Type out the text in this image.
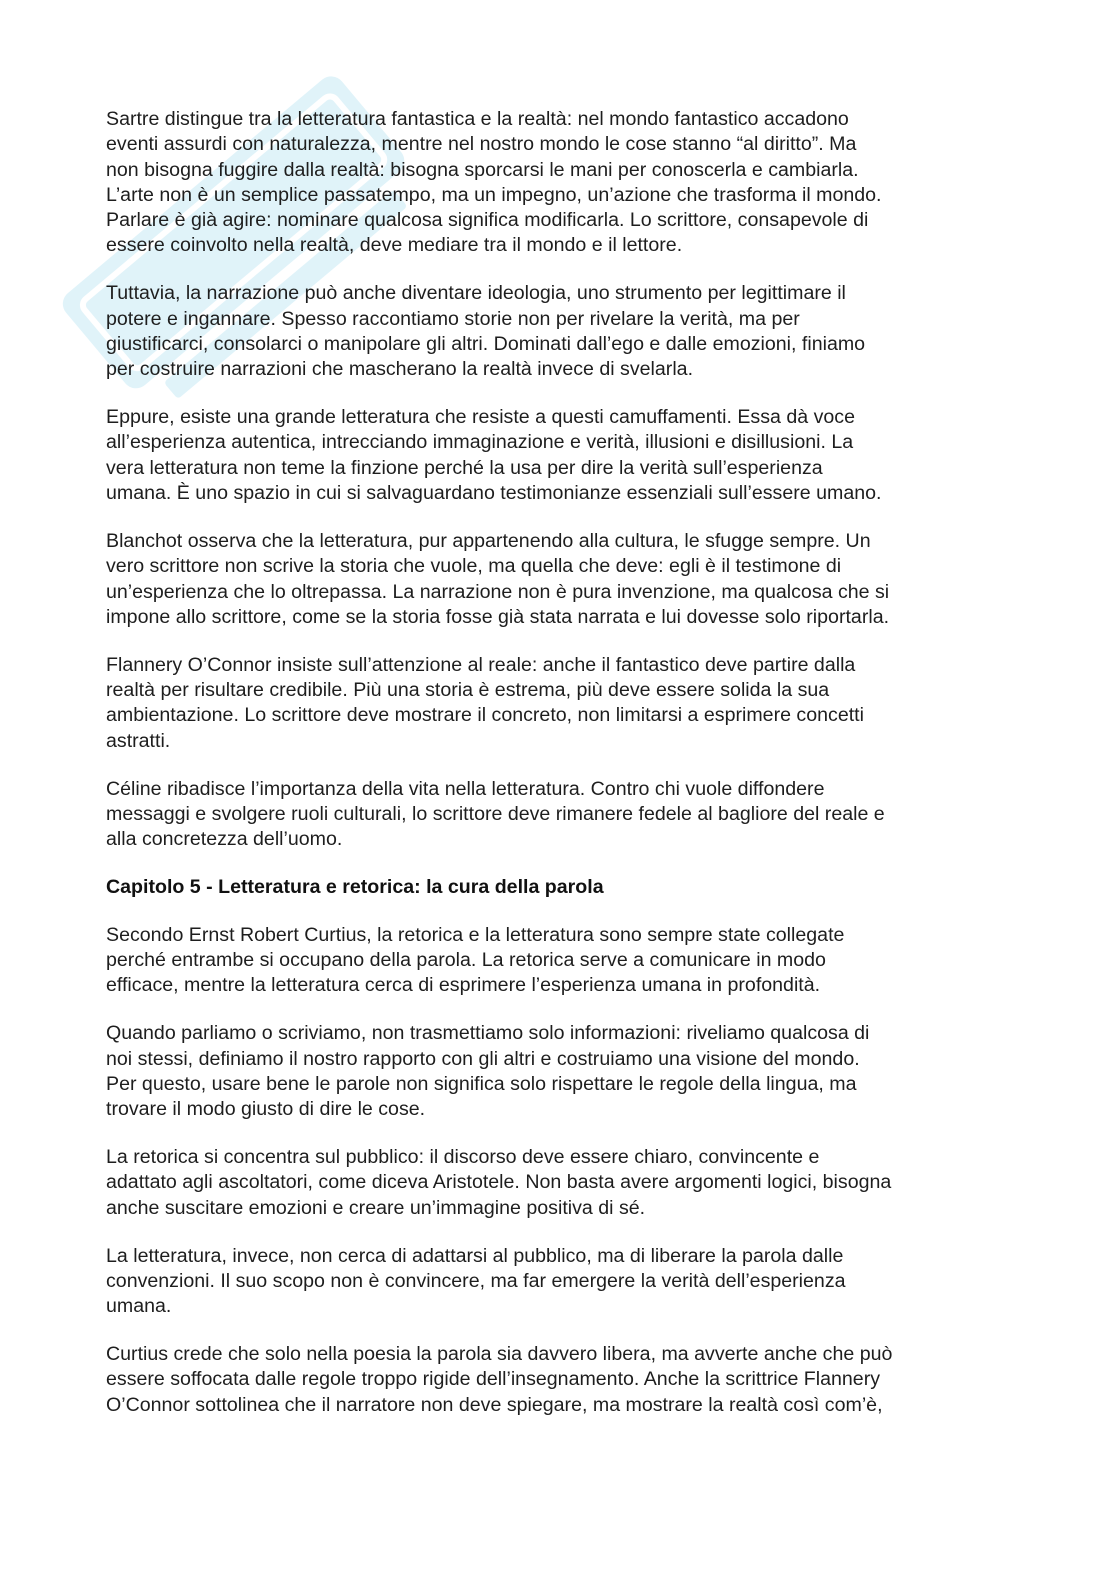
Sartre distingue tra la letteratura fantastica e la realtà: nel mondo fantastico accadono
eventi assurdi con naturalezza, mentre nel nostro mondo le cose stanno “al diritto”. Ma
non bisogna fuggire dalla realtà: bisogna sporcarsi le mani per conoscerla e cambiarla.
L’arte non è un semplice passatempo, ma un impegno, un’azione che trasforma il mondo.
Parlare è già agire: nominare qualcosa significa modificarla. Lo scrittore, consapevole di
essere coinvolto nella realtà, deve mediare tra il mondo e il lettore.

Tuttavia, la narrazione può anche diventare ideologia, uno strumento per legittimare il
potere e ingannare. Spesso raccontiamo storie non per rivelare la verità, ma per
giustificarci, consolarci o manipolare gli altri. Dominati dall’ego e dalle emozioni, finiamo
per costruire narrazioni che mascherano la realtà invece di svelarla.

Eppure, esiste una grande letteratura che resiste a questi camuffamenti. Essa dà voce
all’esperienza autentica, intrecciando immaginazione e verità, illusioni e disillusioni. La
vera letteratura non teme la finzione perché la usa per dire la verità sull’esperienza
umana. È uno spazio in cui si salvaguardano testimonianze essenziali sull’essere umano.

Blanchot osserva che la letteratura, pur appartenendo alla cultura, le sfugge sempre. Un
vero scrittore non scrive la storia che vuole, ma quella che deve: egli è il testimone di
un’esperienza che lo oltrepassa. La narrazione non è pura invenzione, ma qualcosa che si
impone allo scrittore, come se la storia fosse già stata narrata e lui dovesse solo riportarla.

Flannery O’Connor insiste sull’attenzione al reale: anche il fantastico deve partire dalla
realtà per risultare credibile. Più una storia è estrema, più deve essere solida la sua
ambientazione. Lo scrittore deve mostrare il concreto, non limitarsi a esprimere concetti
astratti.

Céline ribadisce l’importanza della vita nella letteratura. Contro chi vuole diffondere
messaggi e svolgere ruoli culturali, lo scrittore deve rimanere fedele al bagliore del reale e
alla concretezza dell’uomo.

Capitolo 5 - Letteratura e retorica: la cura della parola

Secondo Ernst Robert Curtius, la retorica e la letteratura sono sempre state collegate
perché entrambe si occupano della parola. La retorica serve a comunicare in modo
efficace, mentre la letteratura cerca di esprimere l’esperienza umana in profondità.

Quando parliamo o scriviamo, non trasmettiamo solo informazioni: riveliamo qualcosa di
noi stessi, definiamo il nostro rapporto con gli altri e costruiamo una visione del mondo.
Per questo, usare bene le parole non significa solo rispettare le regole della lingua, ma
trovare il modo giusto di dire le cose.

La retorica si concentra sul pubblico: il discorso deve essere chiaro, convincente e
adattato agli ascoltatori, come diceva Aristotele. Non basta avere argomenti logici, bisogna
anche suscitare emozioni e creare un’immagine positiva di sé.

La letteratura, invece, non cerca di adattarsi al pubblico, ma di liberare la parola dalle
convenzioni. Il suo scopo non è convincere, ma far emergere la verità dell’esperienza
umana.

Curtius crede che solo nella poesia la parola sia davvero libera, ma avverte anche che può
essere soffocata dalle regole troppo rigide dell’insegnamento. Anche la scrittrice Flannery
O’Connor sottolinea che il narratore non deve spiegare, ma mostrare la realtà così com’è,
